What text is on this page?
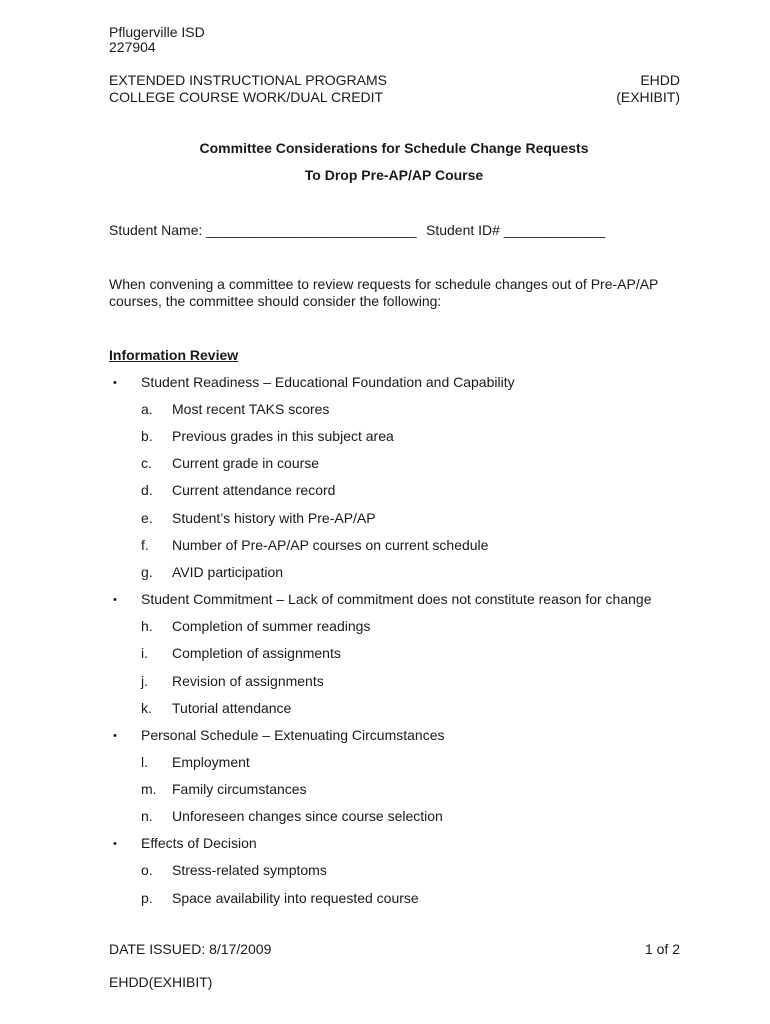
Pflugerville ISD
227904
EXTENDED INSTRUCTIONAL PROGRAMS
COLLEGE COURSE WORK/DUAL CREDIT
EHDD
(EXHIBIT)
Committee Considerations for Schedule Change Requests
To Drop Pre-AP/AP Course
Student Name: ___________________________ Student ID# _____________
When convening a committee to review requests for schedule changes out of Pre-AP/AP
courses, the committee should consider the following:
Information Review
• Student Readiness – Educational Foundation and Capability
a. Most recent TAKS scores
b. Previous grades in this subject area
c. Current grade in course
d. Current attendance record
e. Student’s history with Pre-AP/AP
f. Number of Pre-AP/AP courses on current schedule
g. AVID participation
• Student Commitment – Lack of commitment does not constitute reason for change
h. Completion of summer readings
i. Completion of assignments
j. Revision of assignments
k. Tutorial attendance
• Personal Schedule – Extenuating Circumstances
l. Employment
m. Family circumstances
n. Unforeseen changes since course selection
• Effects of Decision
o. Stress-related symptoms
p. Space availability into requested course
DATE ISSUED: 8/17/2009	1 of 2
EHDD(EXHIBIT)
